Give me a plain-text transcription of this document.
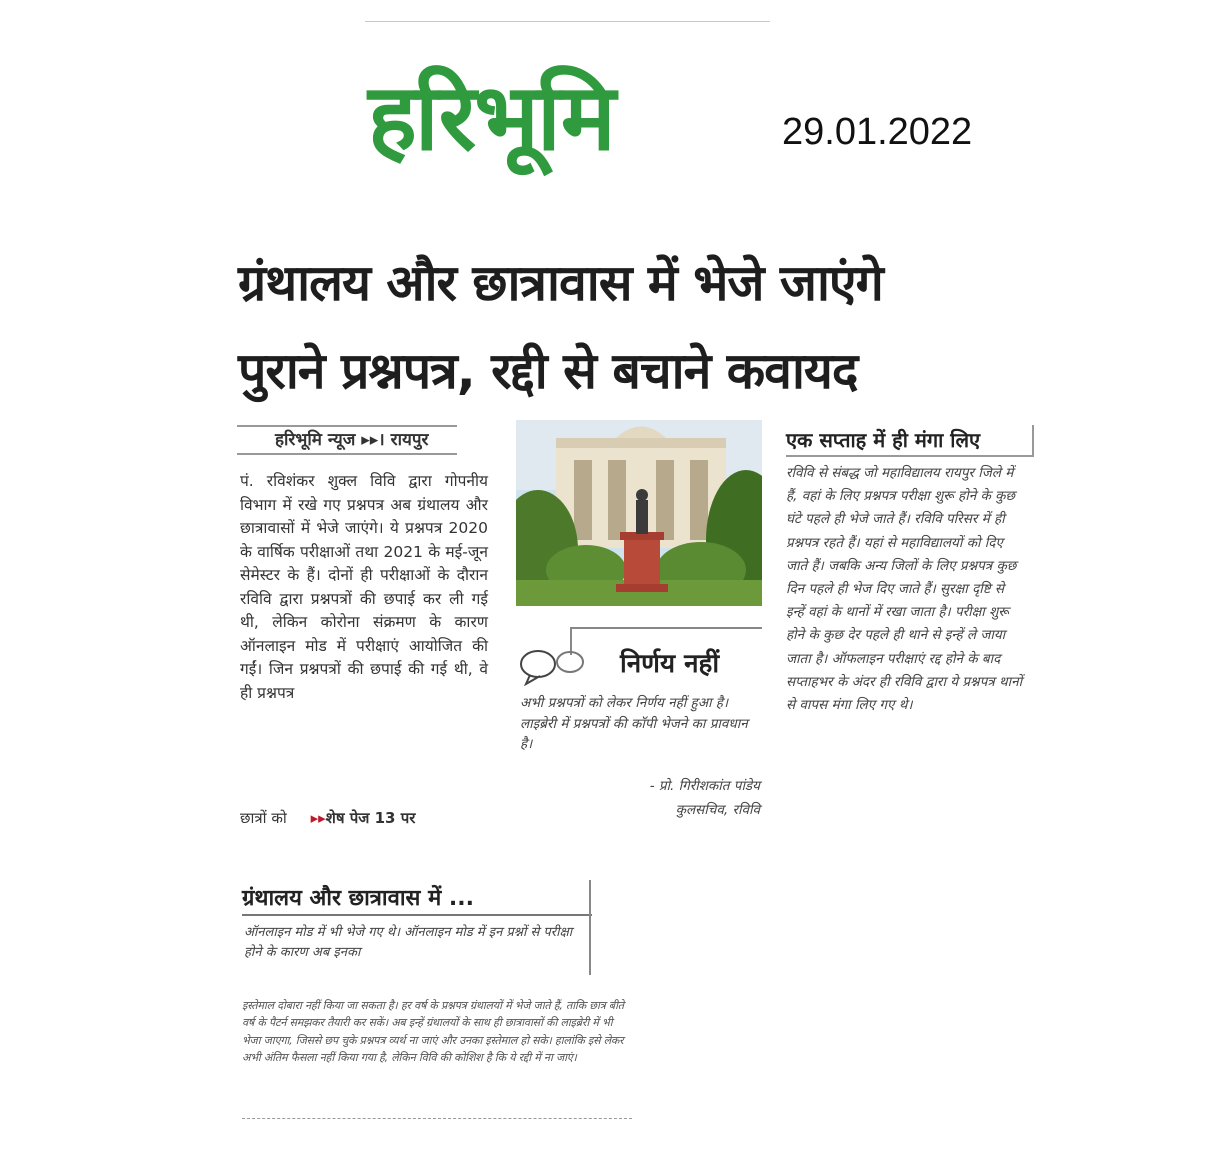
हरिभूमि	29.01.2022
ग्रंथालय और छात्रावास में भेजे जाएंगे
पुराने प्रश्नपत्र, रद्दी से बचाने कवायद
हरिभूमि न्यूज ▸▸। रायपुर

पं. रविशंकर शुक्ल विवि द्वारा गोपनीय विभाग में रखे गए प्रश्नपत्र अब ग्रंथालय और छात्रावासों में भेजे जाएंगे। ये प्रश्नपत्र 2020 के वार्षिक परीक्षाओं तथा 2021 के मई-जून सेमेस्टर के हैं। दोनों ही परीक्षाओं के दौरान रविवि द्वारा प्रश्नपत्रों की छपाई कर ली गई थी, लेकिन कोरोना संक्रमण के कारण ऑनलाइन मोड में परीक्षाएं आयोजित की गईं। जिन प्रश्नपत्रों की छपाई की गई थी, वे ही प्रश्नपत्र

छात्रों को ▸▸शेष पेज 13 पर
निर्णय नहीं

अभी प्रश्नपत्रों को लेकर निर्णय नहीं हुआ है। लाइब्रेरी में प्रश्नपत्रों की कॉपी भेजने का प्रावधान है।

- प्रो. गिरीशकांत पांडेय
कुलसचिव, रविवि
एक सप्ताह में ही मंगा लिए

रविवि से संबद्ध जो महाविद्यालय रायपुर जिले में हैं, वहां के लिए प्रश्नपत्र परीक्षा शुरू होने के कुछ घंटे पहले ही भेजे जाते हैं। रविवि परिसर में ही प्रश्नपत्र रहते हैं। यहां से महाविद्यालयों को दिए जाते हैं। जबकि अन्य जिलों के लिए प्रश्नपत्र कुछ दिन पहले ही भेज दिए जाते हैं। सुरक्षा दृष्टि से इन्हें वहां के थानों में रखा जाता है। परीक्षा शुरू होने के कुछ देर पहले ही थाने से इन्हें ले जाया जाता है। ऑफलाइन परीक्षाएं रद्द होने के बाद सप्ताहभर के अंदर ही रविवि द्वारा ये प्रश्नपत्र थानों से वापस मंगा लिए गए थे।

ग्रंथालय और छात्रावास में ...

ऑनलाइन मोड में भी भेजे गए थे। ऑनलाइन मोड में इन प्रश्नों से परीक्षा होने के कारण अब इनका

इस्तेमाल दोबारा नहीं किया जा सकता है। हर वर्ष के प्रश्नपत्र ग्रंथालयों में भेजे जाते हैं, ताकि छात्र बीते वर्ष के पैटर्न समझकर तैयारी कर सकें। अब इन्हें ग्रंथालयों के साथ ही छात्रावासों की लाइब्रेरी में भी भेजा जाएगा, जिससे छप चुके प्रश्नपत्र व्यर्थ ना जाएं और उनका इस्तेमाल हो सके। हालांकि इसे लेकर अभी अंतिम फैसला नहीं किया गया है, लेकिन विवि की कोशिश है कि ये रद्दी में ना जाएं।
